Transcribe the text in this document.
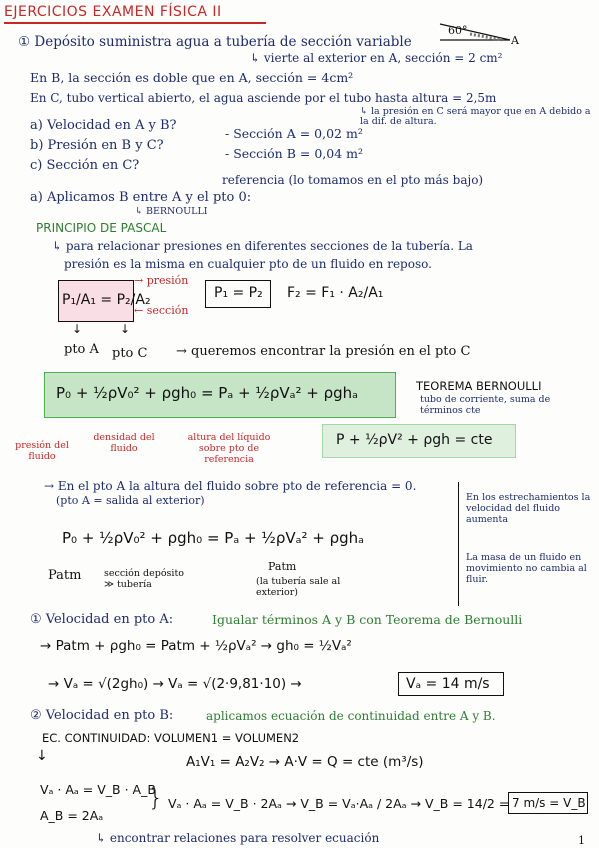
EJERCICIOS EXAMEN FÍSICA II
60°
A
① Depósito suministra agua a tubería de sección variable
↳ vierte al exterior en A, sección = 2 cm²
En B, la sección es doble que en A, sección = 4cm²
En C, tubo vertical abierto, el agua asciende por el tubo hasta altura = 2,5m
↳ la presión en C será mayor que en A debido a la dif. de altura.
a) Velocidad en A y B?
b) Presión en B y C?
c) Sección en C?
- Sección A = 0,02 m²
- Sección B = 0,04 m²
a) Aplicamos B entre A y el pto 0:
referencia (lo tomamos en el pto más bajo)
↳ BERNOULLI
PRINCIPIO DE PASCAL
↳ para relacionar presiones en diferentes secciones de la tubería. La
presión es la misma en cualquier pto de un fluido en reposo.
P₁/A₁ = P₂/A₂
→ presión
← sección
P₁ = P₂ F₂ = F₁ · A₂/A₁
↓	↓
pto A pto C → queremos encontrar la presión en el pto C
P₀ + ½ρV₀² + ρgh₀ = Pₐ + ½ρVₐ² + ρghₐ	TEOREMA BERNOULLI
tubo de corriente, suma de términos cte
P + ½ρV² + ρgh = cte
presión del fluido
densidad del fluido
altura del líquido sobre pto de referencia
→ En el pto A la altura del fluido sobre pto de referencia = 0.
(pto A = salida al exterior)
P₀ + ½ρV₀² + ρgh₀ = Pₐ + ½ρVₐ² + ρghₐ
Patm sección depósito ≫ tubería
Patm
(la tubería sale al exterior)
En los estrechamientos la velocidad del fluido aumenta
La masa de un fluido en movimiento no cambia al fluir.
① Velocidad en pto A:	Igualar términos A y B con Teorema de Bernoulli
→ Patm + ρgh₀ = Patm + ½ρVₐ² → gh₀ = ½Vₐ²
→ Vₐ = √(2gh₀) → Vₐ = √(2·9,81·10) →	Vₐ = 14 m/s
② Velocidad en pto B:	aplicamos ecuación de continuidad entre A y B.
EC. CONTINUIDAD: VOLUMEN1 = VOLUMEN2
↓	A₁V₁ = A₂V₂ → A·V = Q = cte (m³/s)
Vₐ · Aₐ = V_B · A_B
A_B = 2Aₐ
} Vₐ · Aₐ = V_B · 2Aₐ → V_B = Vₐ·Aₐ / 2Aₐ → V_B = 14/2 = 7 m/s = V_B
↳ encontrar relaciones para resolver ecuación	1
